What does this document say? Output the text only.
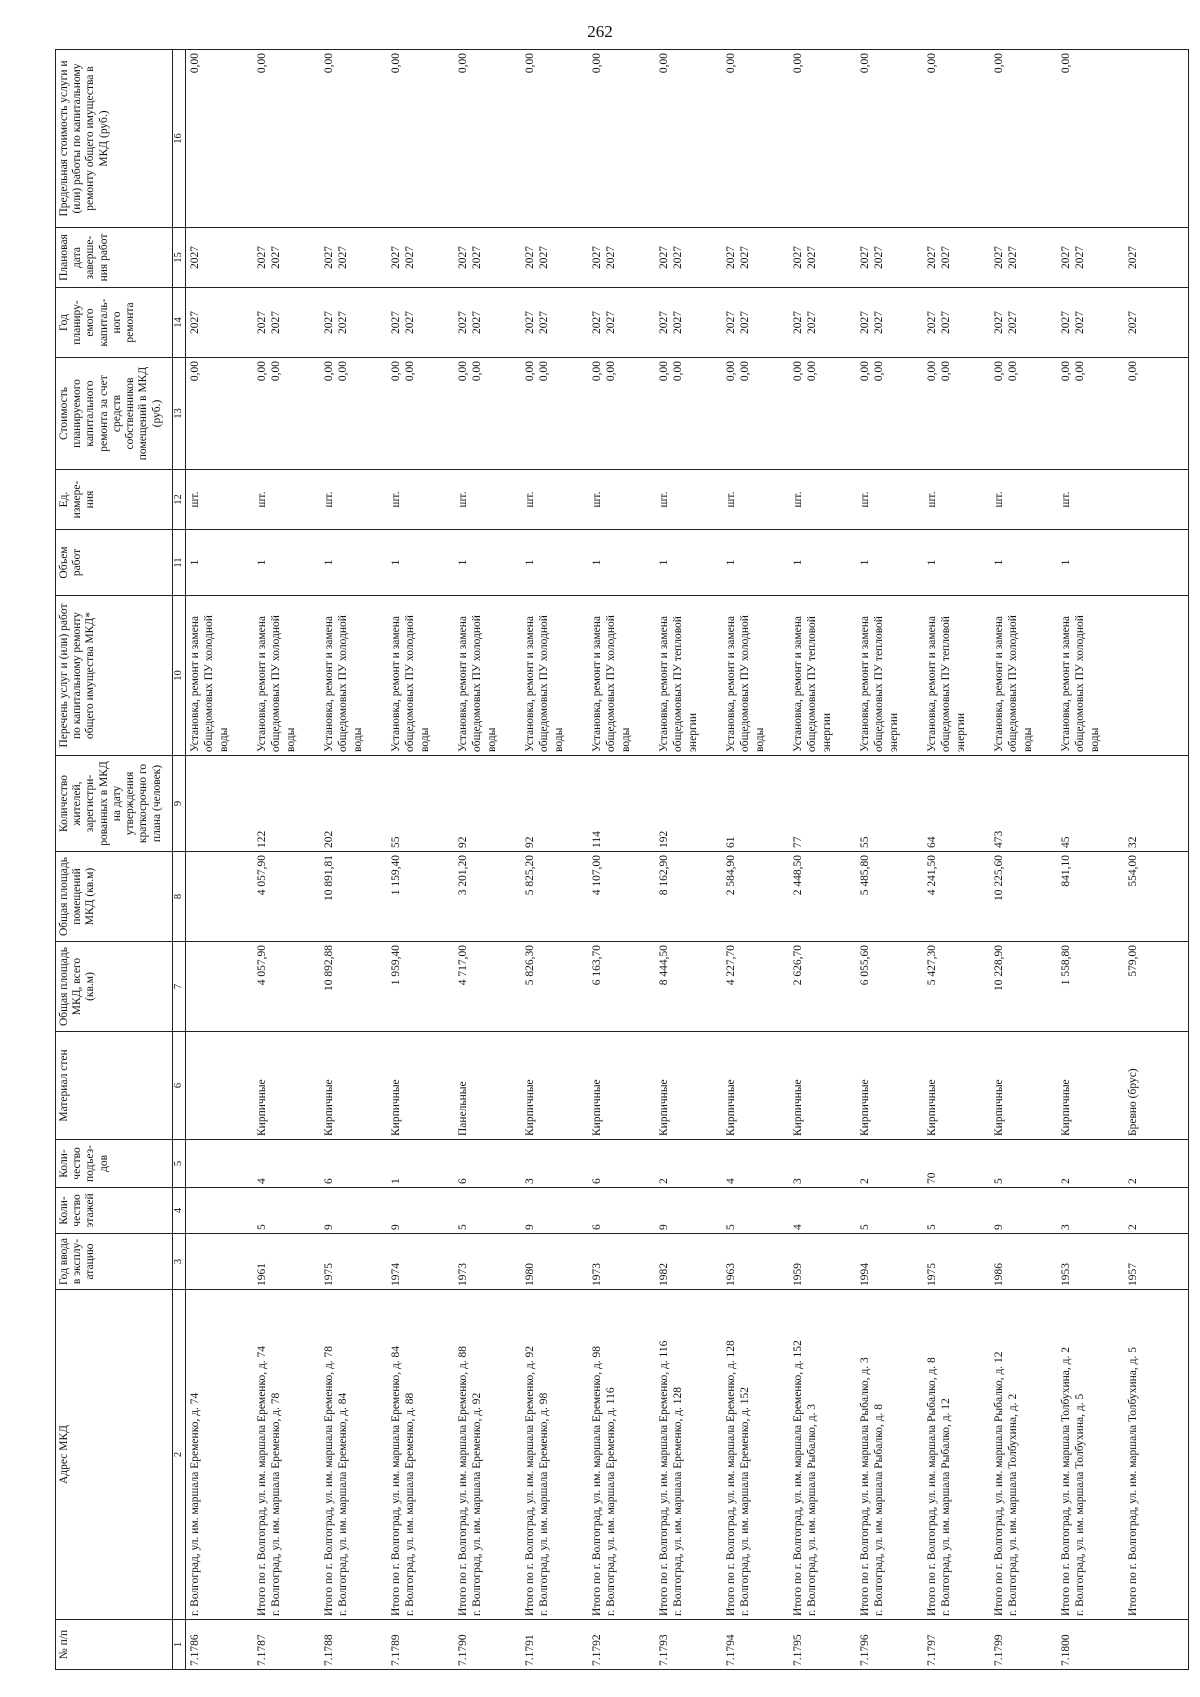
262
№ п/п	Адрес МКД	Год ввода в эксплу-атацию	Коли-чество этажей	Коли-чество подъез-дов	Материал стен	Общая площадь МКД, всего (кв.м)	Общая площадь помещений МКД (кв.м)	Количество жителей, зарегистри-рованных в МКД на дату утверждения краткосрочно го плана (человек)	Перечень услуг и (или) работ по капитальному ремонту общего имущества МКД*	Объем работ	Ед. измере-ния	Стоимость планируемого капитального ремонта за счет средств собственников помещений в МКД (руб.)	Год планиру-емого капиталь-ного ремонта	Плановая дата заверше-ния работ	Предельная стоимость услуги и (или) работы по капитальному ремонту общего имущества в МКД (руб.)
1	2	3	4	5	6	7	8	9	10	11	12	13	14	15	16
7.1786	г. Волгоград, ул. им. маршала Еременко, д. 74								Установка, ремонт и замена общедомовых ПУ холодной воды	1	шт.	0,00	2027	2027	0,00
7.1787	Итого по г. Волгоград, ул. им. маршала Еременко, д. 74 г. Волгоград, ул. им. маршала Еременко, д. 78	1961	5	4	Кирпичные	4 057,90	4 057,90	122	Установка, ремонт и замена общедомовых ПУ холодной воды	1	шт.	0,00 0,00	2027 2027	2027 2027	0,00
7.1788	Итого по г. Волгоград, ул. им. маршала Еременко, д. 78 г. Волгоград, ул. им. маршала Еременко, д. 84	1975	9	6	Кирпичные	10 892,88	10 891,81	202	Установка, ремонт и замена общедомовых ПУ холодной воды	1	шт.	0,00 0,00	2027 2027	2027 2027	0,00
7.1789	Итого по г. Волгоград, ул. им. маршала Еременко, д. 84 г. Волгоград, ул. им. маршала Еременко, д. 88	1974	9	1	Кирпичные	1 959,40	1 159,40	55	Установка, ремонт и замена общедомовых ПУ холодной воды	1	шт.	0,00 0,00	2027 2027	2027 2027	0,00
7.1790	Итого по г. Волгоград, ул. им. маршала Еременко, д. 88 г. Волгоград, ул. им. маршала Еременко, д. 92	1973	5	6	Панельные	4 717,00	3 201,20	92	Установка, ремонт и замена общедомовых ПУ холодной воды	1	шт.	0,00 0,00	2027 2027	2027 2027	0,00
7.1791	Итого по г. Волгоград, ул. им. маршала Еременко, д. 92 г. Волгоград, ул. им. маршала Еременко, д. 98	1980	9	3	Кирпичные	5 826,30	5 825,20	92	Установка, ремонт и замена общедомовых ПУ холодной воды	1	шт.	0,00 0,00	2027 2027	2027 2027	0,00
7.1792	Итого по г. Волгоград, ул. им. маршала Еременко, д. 98 г. Волгоград, ул. им. маршала Еременко, д. 116	1973	6	6	Кирпичные	6 163,70	4 107,00	114	Установка, ремонт и замена общедомовых ПУ холодной воды	1	шт.	0,00 0,00	2027 2027	2027 2027	0,00
7.1793	Итого по г. Волгоград, ул. им. маршала Еременко, д. 116 г. Волгоград, ул. им. маршала Еременко, д. 128	1982	9	2	Кирпичные	8 444,50	8 162,90	192	Установка, ремонт и замена общедомовых ПУ тепловой энергии	1	шт.	0,00 0,00	2027 2027	2027 2027	0,00
7.1794	Итого по г. Волгоград, ул. им. маршала Еременко, д. 128 г. Волгоград, ул. им. маршала Еременко, д. 152	1963	5	4	Кирпичные	4 227,70	2 584,90	61	Установка, ремонт и замена общедомовых ПУ холодной воды	1	шт.	0,00 0,00	2027 2027	2027 2027	0,00
7.1795	Итого по г. Волгоград, ул. им. маршала Еременко, д. 152 г. Волгоград, ул. им. маршала Рыбалко, д. 3	1959	4	3	Кирпичные	2 626,70	2 448,50	77	Установка, ремонт и замена общедомовых ПУ тепловой энергии	1	шт.	0,00 0,00	2027 2027	2027 2027	0,00
7.1796	Итого по г. Волгоград, ул. им. маршала Рыбалко, д. 3 г. Волгоград, ул. им. маршала Рыбалко, д. 8	1994	5	2	Кирпичные	6 055,60	5 485,80	55	Установка, ремонт и замена общедомовых ПУ тепловой энергии	1	шт.	0,00 0,00	2027 2027	2027 2027	0,00
7.1797	Итого по г. Волгоград, ул. им. маршала Рыбалко, д. 8 г. Волгоград, ул. им. маршала Рыбалко, д. 12	1975	5	70	Кирпичные	5 427,30	4 241,50	64	Установка, ремонт и замена общедомовых ПУ тепловой энергии	1	шт.	0,00 0,00	2027 2027	2027 2027	0,00
7.1799	Итого по г. Волгоград, ул. им. маршала Рыбалко, д. 12 г. Волгоград, ул. им. маршала Толбухина, д. 2	1986	9	5	Кирпичные	10 228,90	10 225,60	473	Установка, ремонт и замена общедомовых ПУ холодной воды	1	шт.	0,00 0,00	2027 2027	2027 2027	0,00
7.1800	Итого по г. Волгоград, ул. им. маршала Толбухина, д. 2 г. Волгоград, ул. им. маршала Толбухина, д. 5	1953	3	2	Кирпичные	1 558,80	841,10	45	Установка, ремонт и замена общедомовых ПУ холодной воды	1	шт.	0,00 0,00	2027 2027	2027 2027	0,00

	Итого по г. Волгоград, ул. им. маршала Толбухина, д. 5	1957	2	2	Бревно (брус)	579,00	554,00	32				0,00	2027	2027	
